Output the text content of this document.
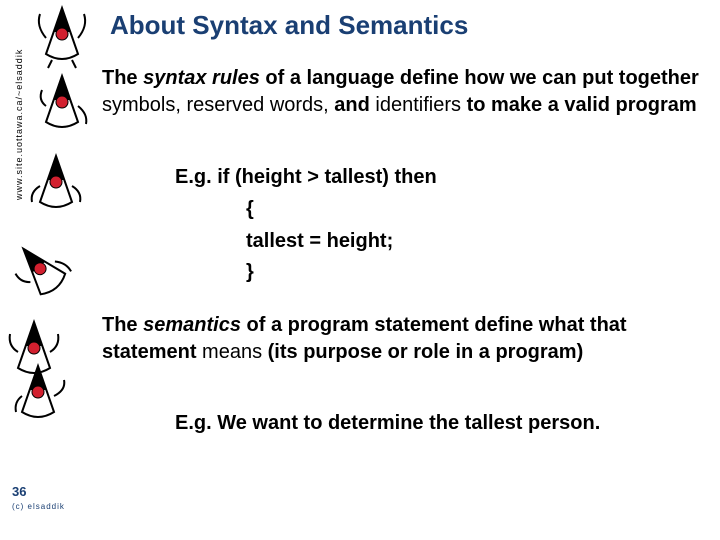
www.site.uottawa.ca/~elsaddik
About Syntax and Semantics

The syntax rules of a language define how we can put together symbols, reserved words, and identifiers to make a valid program

E.g. if (height > tallest) then
{
tallest = height;
}

The semantics of a program statement define what that statement means (its purpose or role in a program)

E.g. We want to determine the tallest person.
36
(c) elsaddik
